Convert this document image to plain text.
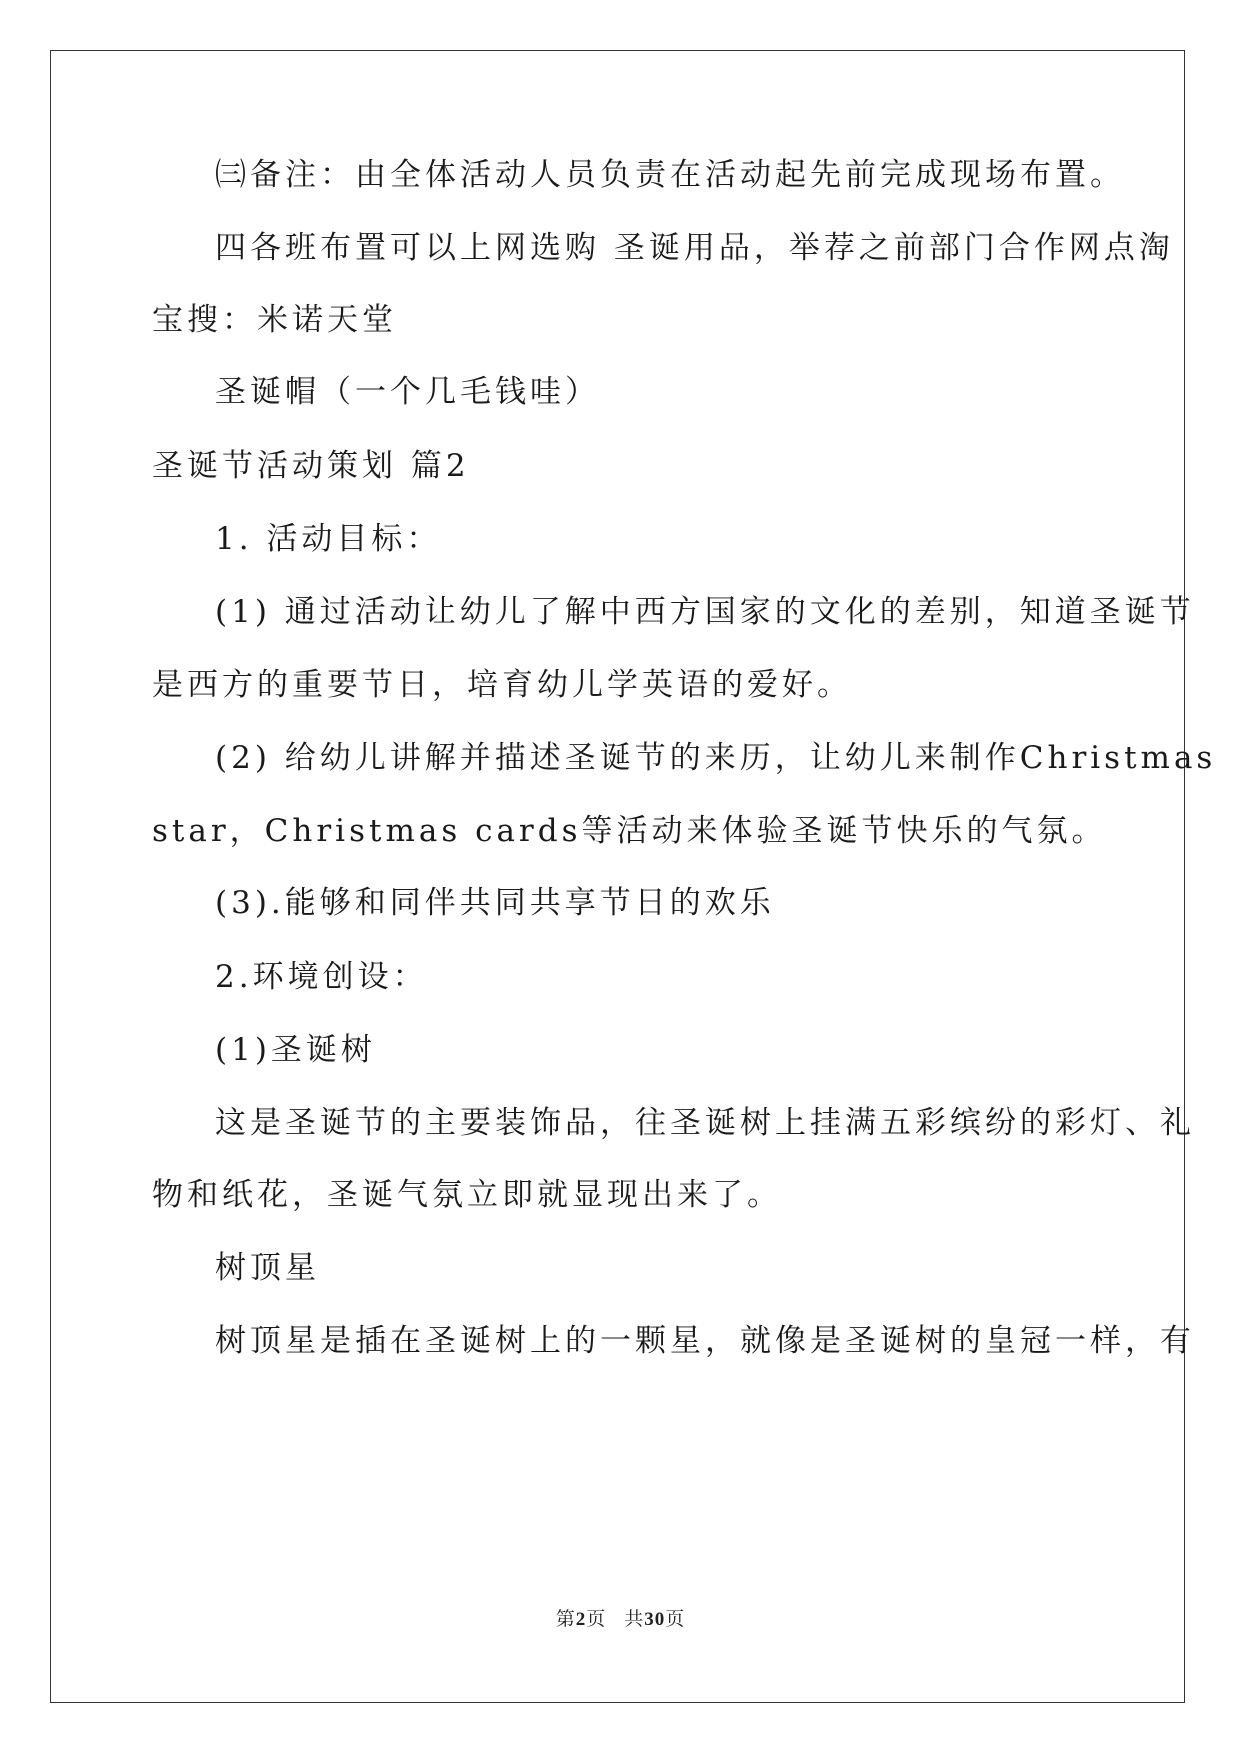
㈢备注：由全体活动人员负责在活动起先前完成现场布置。
四各班布置可以上网选购 圣诞用品，举荐之前部门合作网点淘
宝搜：米诺天堂
圣诞帽（一个几毛钱哇）
圣诞节活动策划 篇2
1. 活动目标：
(1) 通过活动让幼儿了解中西方国家的文化的差别，知道圣诞节
是西方的重要节日，培育幼儿学英语的爱好。
(2) 给幼儿讲解并描述圣诞节的来历，让幼儿来制作Christmas
star，Christmas cards等活动来体验圣诞节快乐的气氛。
(3).能够和同伴共同共享节日的欢乐
2.环境创设：
(1)圣诞树
这是圣诞节的主要装饰品，往圣诞树上挂满五彩缤纷的彩灯、礼
物和纸花，圣诞气氛立即就显现出来了。
树顶星
树顶星是插在圣诞树上的一颗星，就像是圣诞树的皇冠一样，有
第2页 共30页
